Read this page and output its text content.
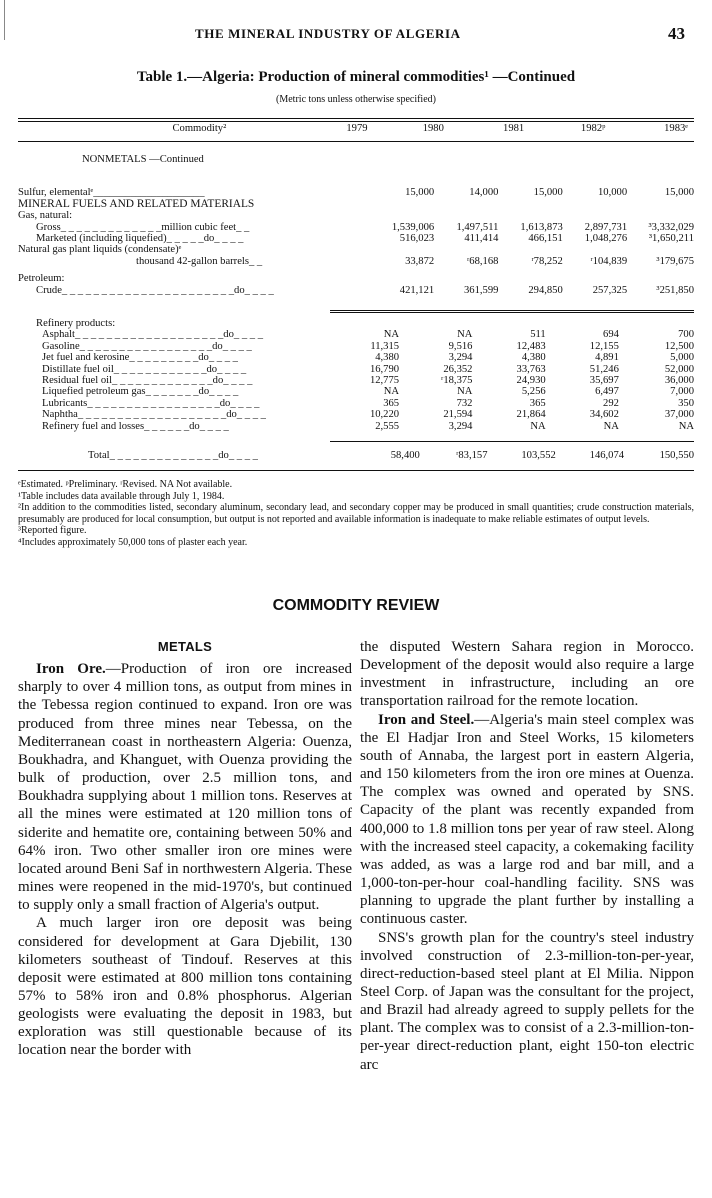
THE MINERAL INDUSTRY OF ALGERIA	43
Table 1.—Algeria: Production of mineral commodities¹ —Continued
(Metric tons unless otherwise specified)
Commodity²	1979	1980	1981	1982ᵖ	1983ᵉ
NONMETALS —Continued					

Sulfur, elementalᵉ_____________________	15,000	14,000	15,000	10,000	15,000
MINERAL FUELS AND RELATED MATERIALS					
Gas, natural:					
Gross_ _ _ _ _ _ _ _ _ _ _ _ _million cubic feet_ _	1,539,006	1,497,511	1,613,873	2,897,731	³3,332,029
Marketed (including liquefied)_ _ _ _ _do_ _ _ _	516,023	411,414	466,151	1,048,276	³1,650,211
Natural gas plant liquids (condensate)ᵉ					
thousand 42-gallon barrels_ _	33,872	ʳ68,168	ʳ78,252	ʳ104,839	³179,675

Petroleum:					
Crude_ _ _ _ _ _ _ _ _ _ _ _ _ _ _ _ _ _ _ _ _ _do_ _ _ _	421,121	361,599	294,850	257,325	³251,850
Refinery products:					
Asphalt_ _ _ _ _ _ _ _ _ _ _ _ _ _ _ _ _ _ _do_ _ _ _	NA	NA	511	694	700
Gasoline_ _ _ _ _ _ _ _ _ _ _ _ _ _ _ _ _do_ _ _ _	11,315	9,516	12,483	12,155	12,500
Jet fuel and kerosine_ _ _ _ _ _ _ _ _do_ _ _ _	4,380	3,294	4,380	4,891	5,000
Distillate fuel oil_ _ _ _ _ _ _ _ _ _ _ _do_ _ _ _	16,790	26,352	33,763	51,246	52,000
Residual fuel oil_ _ _ _ _ _ _ _ _ _ _ _ _do_ _ _ _	12,775	ʳ18,375	24,930	35,697	36,000
Liquefied petroleum gas_ _ _ _ _ _ _do_ _ _ _	NA	NA	5,256	6,497	7,000
Lubricants_ _ _ _ _ _ _ _ _ _ _ _ _ _ _ _ _do_ _ _ _	365	732	365	292	350
Naphtha_ _ _ _ _ _ _ _ _ _ _ _ _ _ _ _ _ _ _do_ _ _ _	10,220	21,594	21,864	34,602	37,000
Refinery fuel and losses_ _ _ _ _ _do_ _ _ _	2,555	3,294	NA	NA	NA
Total_ _ _ _ _ _ _ _ _ _ _ _ _ _do_ _ _ _	58,400	ʳ83,157	103,552	146,074	150,550

ᵉEstimated. ᵖPreliminary. ʳRevised. NA Not available.

¹Table includes data available through July 1, 1984.

²In addition to the commodities listed, secondary aluminum, secondary lead, and secondary copper may be produced in small quantities; crude construction materials, presumably are produced for local consumption, but output is not reported and available information is inadequate to make reliable estimates of output levels.

³Reported figure.

⁴Includes approximately 50,000 tons of plaster each year.

COMMODITY REVIEW
METALS

Iron Ore.—Production of iron ore increased sharply to over 4 million tons, as output from mines in the Tebessa region continued to expand. Iron ore was produced from three mines near Tebessa, on the Mediterranean coast in northeastern Algeria: Ouenza, Boukhadra, and Khanguet, with Ouenza providing the bulk of production, over 2.5 million tons, and Boukhadra supplying about 1 million tons. Reserves at all the mines were estimated at 120 million tons of siderite and hematite ore, containing between 50% and 64% iron. Two other smaller iron ore mines were located around Beni Saf in northwestern Algeria. These mines were reopened in the mid-1970's, but continued to supply only a small fraction of Algeria's output.

A much larger iron ore deposit was being considered for development at Gara Djebilit, 130 kilometers southeast of Tindouf. Reserves at this deposit were estimated at 800 million tons containing 57% to 58% iron and 0.8% phosphorus. Algerian geologists were evaluating the deposit in 1983, but exploration was still questionable because of its location near the border with

the disputed Western Sahara region in Morocco. Development of the deposit would also require a large investment in infrastructure, including an ore transportation railroad for the remote location.

Iron and Steel.—Algeria's main steel complex was the El Hadjar Iron and Steel Works, 15 kilometers south of Annaba, the largest port in eastern Algeria, and 150 kilometers from the iron ore mines at Ouenza. The complex was owned and operated by SNS. Capacity of the plant was recently expanded from 400,000 to 1.8 million tons per year of raw steel. Along with the increased steel capacity, a cokemaking facility was added, as was a large rod and bar mill, and a 1,000-ton-per-hour coal-handling facility. SNS was planning to upgrade the plant further by installing a continuous caster.

SNS's growth plan for the country's steel industry involved construction of 2.3-million-ton-per-year, direct-reduction-based steel plant at El Milia. Nippon Steel Corp. of Japan was the consultant for the project, and Brazil had already agreed to supply pellets for the plant. The complex was to consist of a 2.3-million-ton-per-year direct-reduction plant, eight 150-ton electric arc
